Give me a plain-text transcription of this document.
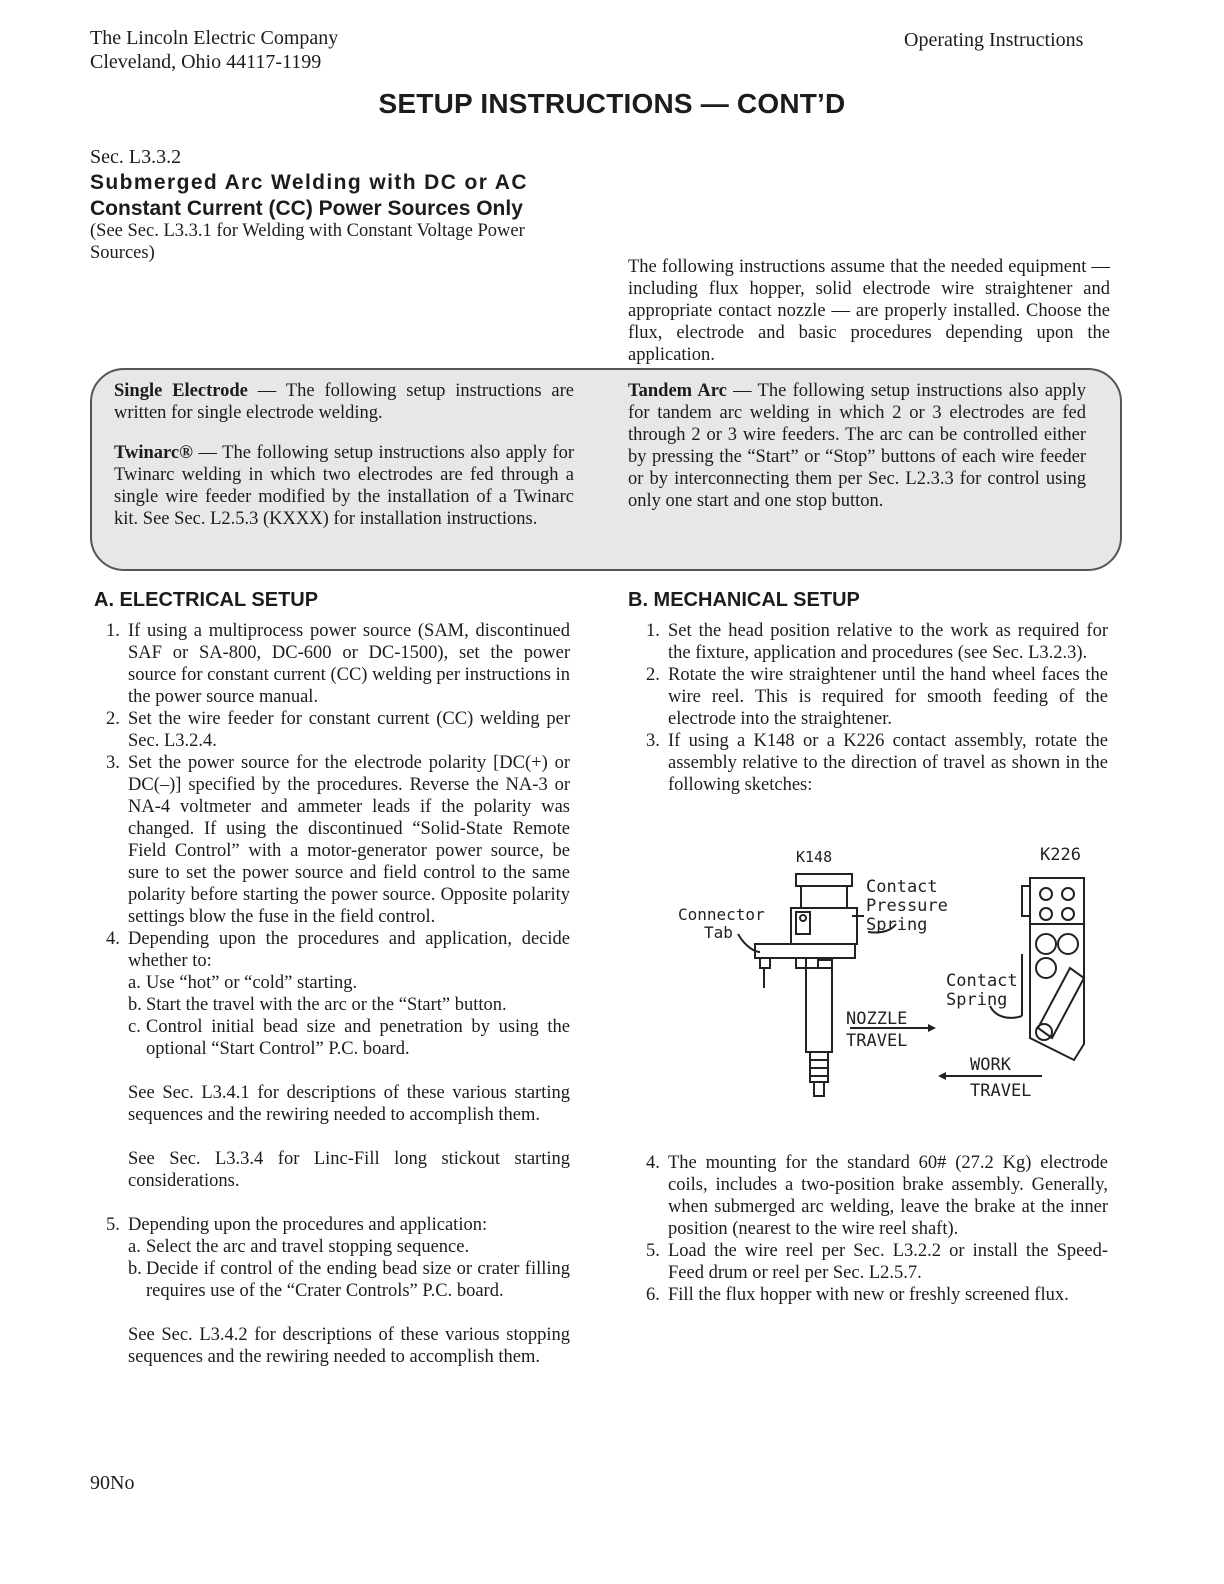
The Lincoln Electric Company
Cleveland, Ohio 44117-1199
Operating Instructions
SETUP INSTRUCTIONS — CONT’D
Sec. L3.3.2
Submerged Arc Welding with DC or AC
Constant Current (CC) Power Sources Only
(See Sec. L3.3.1 for Welding with Constant Voltage Power Sources)
The following instructions assume that the needed equipment — including flux hopper, solid electrode wire straightener and appropriate contact nozzle — are properly installed. Choose the flux, electrode and basic procedures depending upon the application.
Single Electrode — The following setup instructions are written for single electrode welding.
Twinarc® — The following setup instructions also apply for Twinarc welding in which two electrodes are fed through a single wire feeder modified by the installation of a Twinarc kit. See Sec. L2.5.3 (KXXX) for installation instructions.
Tandem Arc — The following setup instructions also apply for tandem arc welding in which 2 or 3 electrodes are fed through 2 or 3 wire feeders. The arc can be controlled either by pressing the “Start” or “Stop” buttons of each wire feeder or by interconnecting them per Sec. L2.3.3 for control using only one start and one stop button.
A. ELECTRICAL SETUP
1. If using a multiprocess power source (SAM, discontinued SAF or SA-800, DC-600 or DC-1500), set the power source for constant current (CC) welding per instructions in the power source manual.
2. Set the wire feeder for constant current (CC) welding per Sec. L3.2.4.
3. Set the power source for the electrode polarity [DC(+) or DC(–)] specified by the procedures. Reverse the NA-3 or NA-4 voltmeter and ammeter leads if the polarity was changed. If using the discontinued “Solid-State Remote Field Control” with a motor-generator power source, be sure to set the power source and field control to the same polarity before starting the power source. Opposite polarity settings blow the fuse in the field control.
4. Depending upon the procedures and application, decide whether to:
a. Use “hot” or “cold” starting.
b. Start the travel with the arc or the “Start” button.
c. Control initial bead size and penetration by using the optional “Start Control” P.C. board.
See Sec. L3.4.1 for descriptions of these various starting sequences and the rewiring needed to accomplish them.
See Sec. L3.3.4 for Linc-Fill long stickout starting considerations.
5. Depending upon the procedures and application:
a. Select the arc and travel stopping sequence.
b. Decide if control of the ending bead size or crater filling requires use of the “Crater Controls” P.C. board.
See Sec. L3.4.2 for descriptions of these various stopping sequences and the rewiring needed to accomplish them.
B. MECHANICAL SETUP
1. Set the head position relative to the work as required for the fixture, application and procedures (see Sec. L3.2.3).
2. Rotate the wire straightener until the hand wheel faces the wire reel. This is required for smooth feeding of the electrode into the straightener.
3. If using a K148 or a K226 contact assembly, rotate the assembly relative to the direction of travel as shown in the following sketches:
K148	K226
Connector
Tab
Contact
Pressure
Spring
Contact
Spring
NOZZLE
TRAVEL
WORK
TRAVEL
4. The mounting for the standard 60# (27.2 Kg) electrode coils, includes a two-position brake assembly. Generally, when submerged arc welding, leave the brake at the inner position (nearest to the wire reel shaft).
5. Load the wire reel per Sec. L3.2.2 or install the Speed-Feed drum or reel per Sec. L2.5.7.
6. Fill the flux hopper with new or freshly screened flux.
90No
